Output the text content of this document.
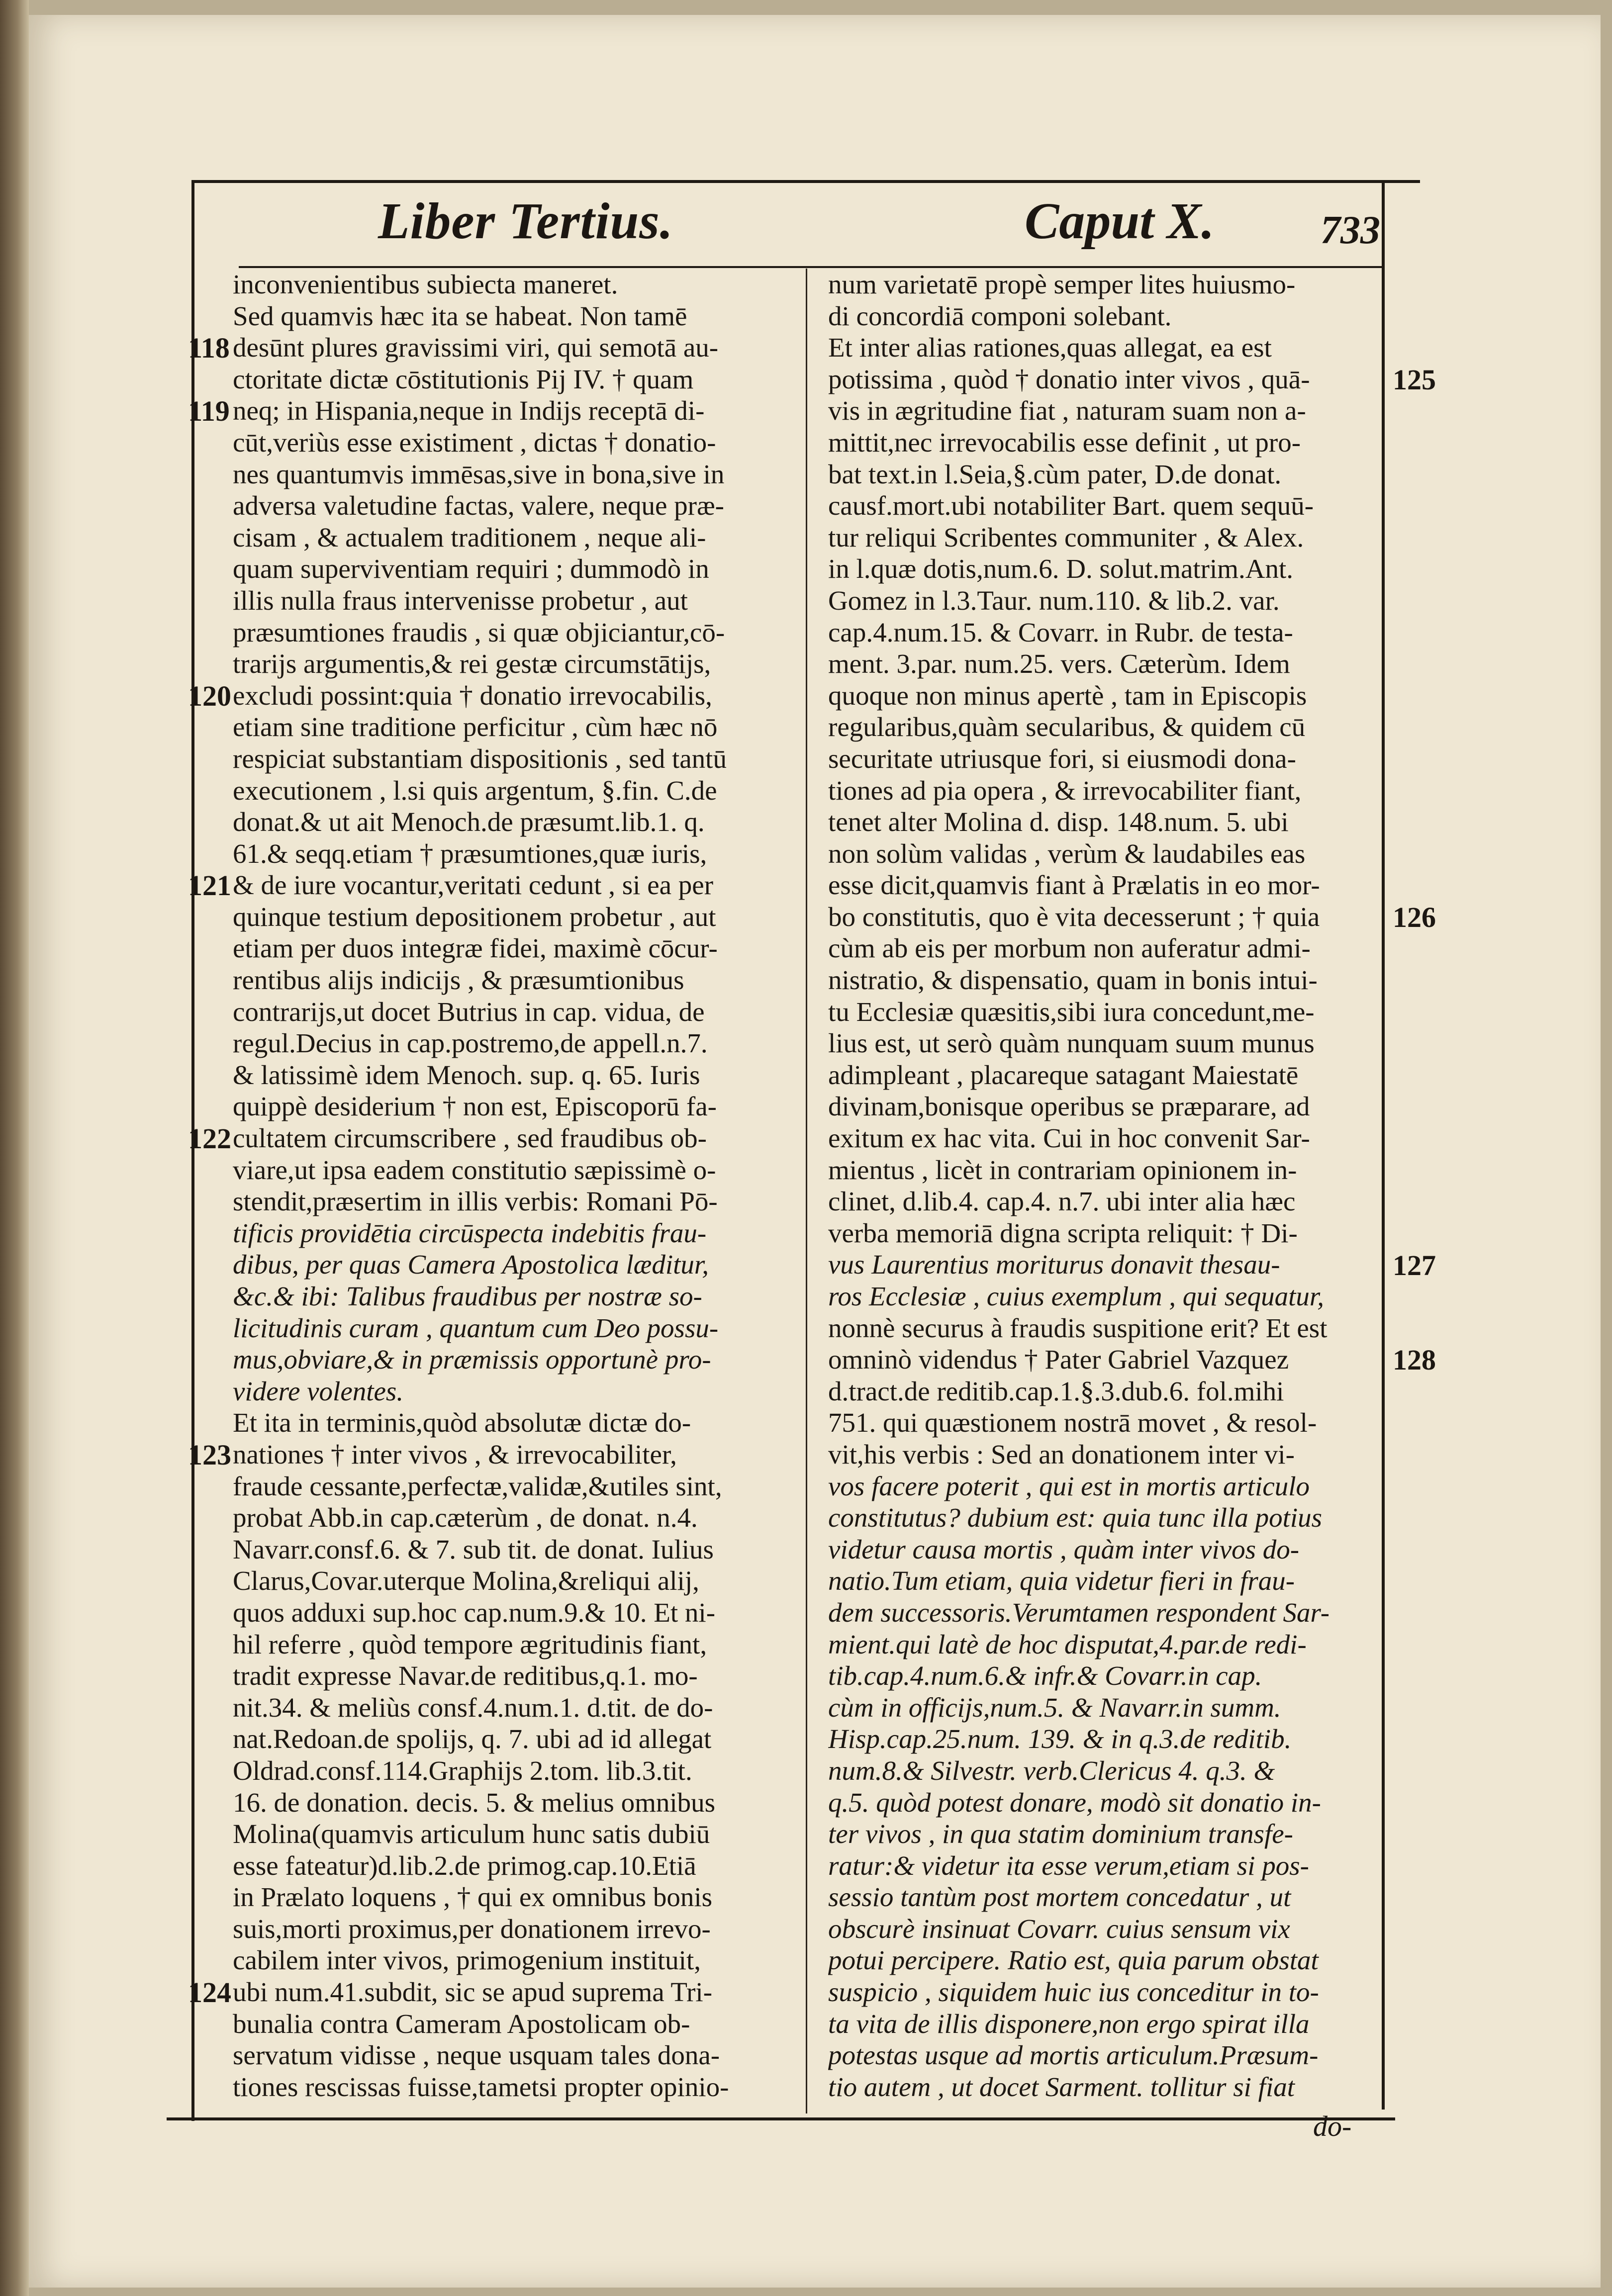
Liber Tertius.	Caput X.	733
inconvenientibus subiecta maneret.
Sed quamvis hæc ita se habeat. Non tamē
desūnt plures gravissimi viri, qui semotā au-
ctoritate dictæ cōstitutionis Pij IV. † quam
neq; in Hispania,neque in Indijs receptā di-
cūt,veriùs esse existiment , dictas † donatio-
nes quantumvis immēsas,sive in bona,sive in
adversa valetudine factas, valere, neque præ-
cisam , & actualem traditionem , neque ali-
quam superviventiam requiri ; dummodò in
illis nulla fraus intervenisse probetur , aut
præsumtiones fraudis , si quæ objiciantur,cō-
trarijs argumentis,& rei gestæ circumstātijs,
excludi possint:quia † donatio irrevocabilis,
etiam sine traditione perficitur , cùm hæc nō
respiciat substantiam dispositionis , sed tantū
executionem , l.si quis argentum, §.fin. C.de
donat.& ut ait Menoch.de præsumt.lib.1. q.
61.& seqq.etiam † præsumtiones,quæ iuris,
& de iure vocantur,veritati cedunt , si ea per
quinque testium depositionem probetur , aut
etiam per duos integræ fidei, maximè cōcur-
rentibus alijs indicijs , & præsumtionibus
contrarijs,ut docet Butrius in cap. vidua, de
regul.Decius in cap.postremo,de appell.n.7.
& latissimè idem Menoch. sup. q. 65. Iuris
quippè desiderium † non est, Episcoporū fa-
cultatem circumscribere , sed fraudibus ob-
viare,ut ipsa eadem constitutio sæpissimè o-
stendit,præsertim in illis verbis: Romani Pō-
tificis providētia circūspecta indebitis frau-
dibus, per quas Camera Apostolica læditur,
&c.& ibi: Talibus fraudibus per nostræ so-
licitudinis curam , quantum cum Deo possu-
mus,obviare,& in præmissis opportunè pro-
videre volentes.
Et ita in terminis,quòd absolutæ dictæ do-
nationes † inter vivos , & irrevocabiliter,
fraude cessante,perfectæ,validæ,&utiles sint,
probat Abb.in cap.cæterùm , de donat. n.4.
Navarr.consf.6. & 7. sub tit. de donat. Iulius
Clarus,Covar.uterque Molina,&reliqui alij,
quos adduxi sup.hoc cap.num.9.& 10. Et ni-
hil referre , quòd tempore ægritudinis fiant,
tradit expresse Navar.de reditibus,q.1. mo-
nit.34. & meliùs consf.4.num.1. d.tit. de do-
nat.Redoan.de spolijs, q. 7. ubi ad id allegat
Oldrad.consf.114.Graphijs 2.tom. lib.3.tit.
16. de donation. decis. 5. & melius omnibus
Molina(quamvis articulum hunc satis dubiū
esse fateatur)d.lib.2.de primog.cap.10.Etiā
in Prælato loquens , † qui ex omnibus bonis
suis,morti proximus,per donationem irrevo-
cabilem inter vivos, primogenium instituit,
ubi num.41.subdit, sic se apud suprema Tri-
bunalia contra Cameram Apostolicam ob-
servatum vidisse , neque usquam tales dona-
tiones rescissas fuisse,tametsi propter opinio-
num varietatē propè semper lites huiusmo-
di concordiā componi solebant.
Et inter alias rationes,quas allegat, ea est
potissima , quòd † donatio inter vivos , quā-
vis in ægritudine fiat , naturam suam non a-
mittit,nec irrevocabilis esse definit , ut pro-
bat text.in l.Seia,§.cùm pater, D.de donat.
causf.mort.ubi notabiliter Bart. quem sequū-
tur reliqui Scribentes communiter , & Alex.
in l.quæ dotis,num.6. D. solut.matrim.Ant.
Gomez in l.3.Taur. num.110. & lib.2. var.
cap.4.num.15. & Covarr. in Rubr. de testa-
ment. 3.par. num.25. vers. Cæterùm. Idem
quoque non minus apertè , tam in Episcopis
regularibus,quàm secularibus, & quidem cū
securitate utriusque fori, si eiusmodi dona-
tiones ad pia opera , & irrevocabiliter fiant,
tenet alter Molina d. disp. 148.num. 5. ubi
non solùm validas , verùm & laudabiles eas
esse dicit,quamvis fiant à Prælatis in eo mor-
bo constitutis, quo è vita decesserunt ; † quia
cùm ab eis per morbum non auferatur admi-
nistratio, & dispensatio, quam in bonis intui-
tu Ecclesiæ quæsitis,sibi iura concedunt,me-
lius est, ut serò quàm nunquam suum munus
adimpleant , placareque satagant Maiestatē
divinam,bonisque operibus se præparare, ad
exitum ex hac vita. Cui in hoc convenit Sar-
mientus , licèt in contrariam opinionem in-
clinet, d.lib.4. cap.4. n.7. ubi inter alia hæc
verba memoriā digna scripta reliquit: † Di-
vus Laurentius moriturus donavit thesau-
ros Ecclesiæ , cuius exemplum , qui sequatur,
nonnè securus à fraudis suspitione erit? Et est
omninò videndus † Pater Gabriel Vazquez
d.tract.de reditib.cap.1.§.3.dub.6. fol.mihi
751. qui quæstionem nostrā movet , & resol-
vit,his verbis : Sed an donationem inter vi-
vos facere poterit , qui est in mortis articulo
constitutus? dubium est: quia tunc illa potius
videtur causa mortis , quàm inter vivos do-
natio.Tum etiam, quia videtur fieri in frau-
dem successoris.Verumtamen respondent Sar-
mient.qui latè de hoc disputat,4.par.de redi-
tib.cap.4.num.6.& infr.& Covarr.in cap.
cùm in officijs,num.5. & Navarr.in summ.
Hisp.cap.25.num. 139. & in q.3.de reditib.
num.8.& Silvestr. verb.Clericus 4. q.3. &
q.5. quòd potest donare, modò sit donatio in-
ter vivos , in qua statim dominium transfe-
ratur:& videtur ita esse verum,etiam si pos-
sessio tantùm post mortem concedatur , ut
obscurè insinuat Covarr. cuius sensum vix
potui percipere. Ratio est, quia parum obstat
suspicio , siquidem huic ius conceditur in to-
ta vita de illis disponere,non ergo spirat illa
potestas usque ad mortis articulum.Præsum-
tio autem , ut docet Sarment. tollitur si fiat
118
119
120
121
122
123
124
125
126
127
128
do-
